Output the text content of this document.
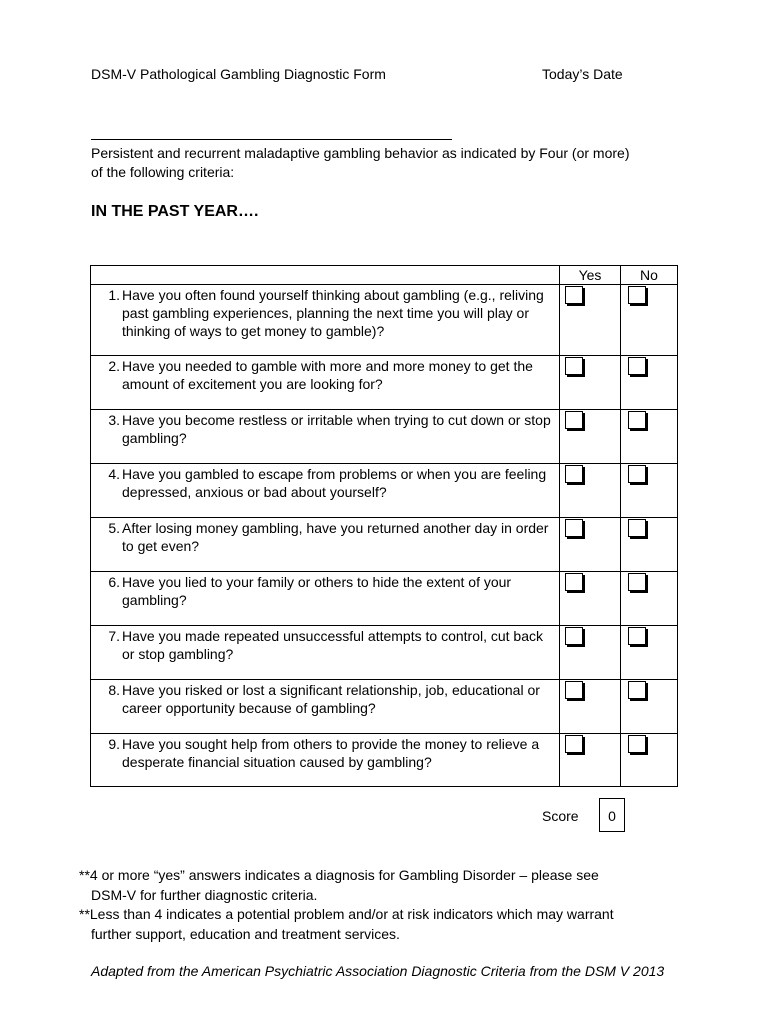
DSM-V Pathological Gambling Diagnostic Form	Today’s Date
Persistent and recurrent maladaptive gambling behavior as indicated by Four (or more)
of the following criteria:
IN THE PAST YEAR….
	Yes	No

1. Have you often found yourself thinking about gambling (e.g., reliving past gambling experiences, planning the next time you will play or thinking of ways to get money to gamble)?		

2. Have you needed to gamble with more and more money to get the amount of excitement you are looking for?		

3. Have you become restless or irritable when trying to cut down or stop gambling?		

4. Have you gambled to escape from problems or when you are feeling depressed, anxious or bad about yourself?		

5. After losing money gambling, have you returned another day in order to get even?		

6. Have you lied to your family or others to hide the extent of your gambling?		

7. Have you made repeated unsuccessful attempts to control, cut back or stop gambling?		

8. Have you risked or lost a significant relationship, job, educational or career opportunity because of gambling?		

9. Have you sought help from others to provide the money to relieve a desperate financial situation caused by gambling?		

Score	0
**4 or more “yes” answers indicates a diagnosis for Gambling Disorder – please see
DSM-V for further diagnostic criteria.
**Less than 4 indicates a potential problem and/or at risk indicators which may warrant
further support, education and treatment services.
Adapted from the American Psychiatric Association Diagnostic Criteria from the DSM V 2013
